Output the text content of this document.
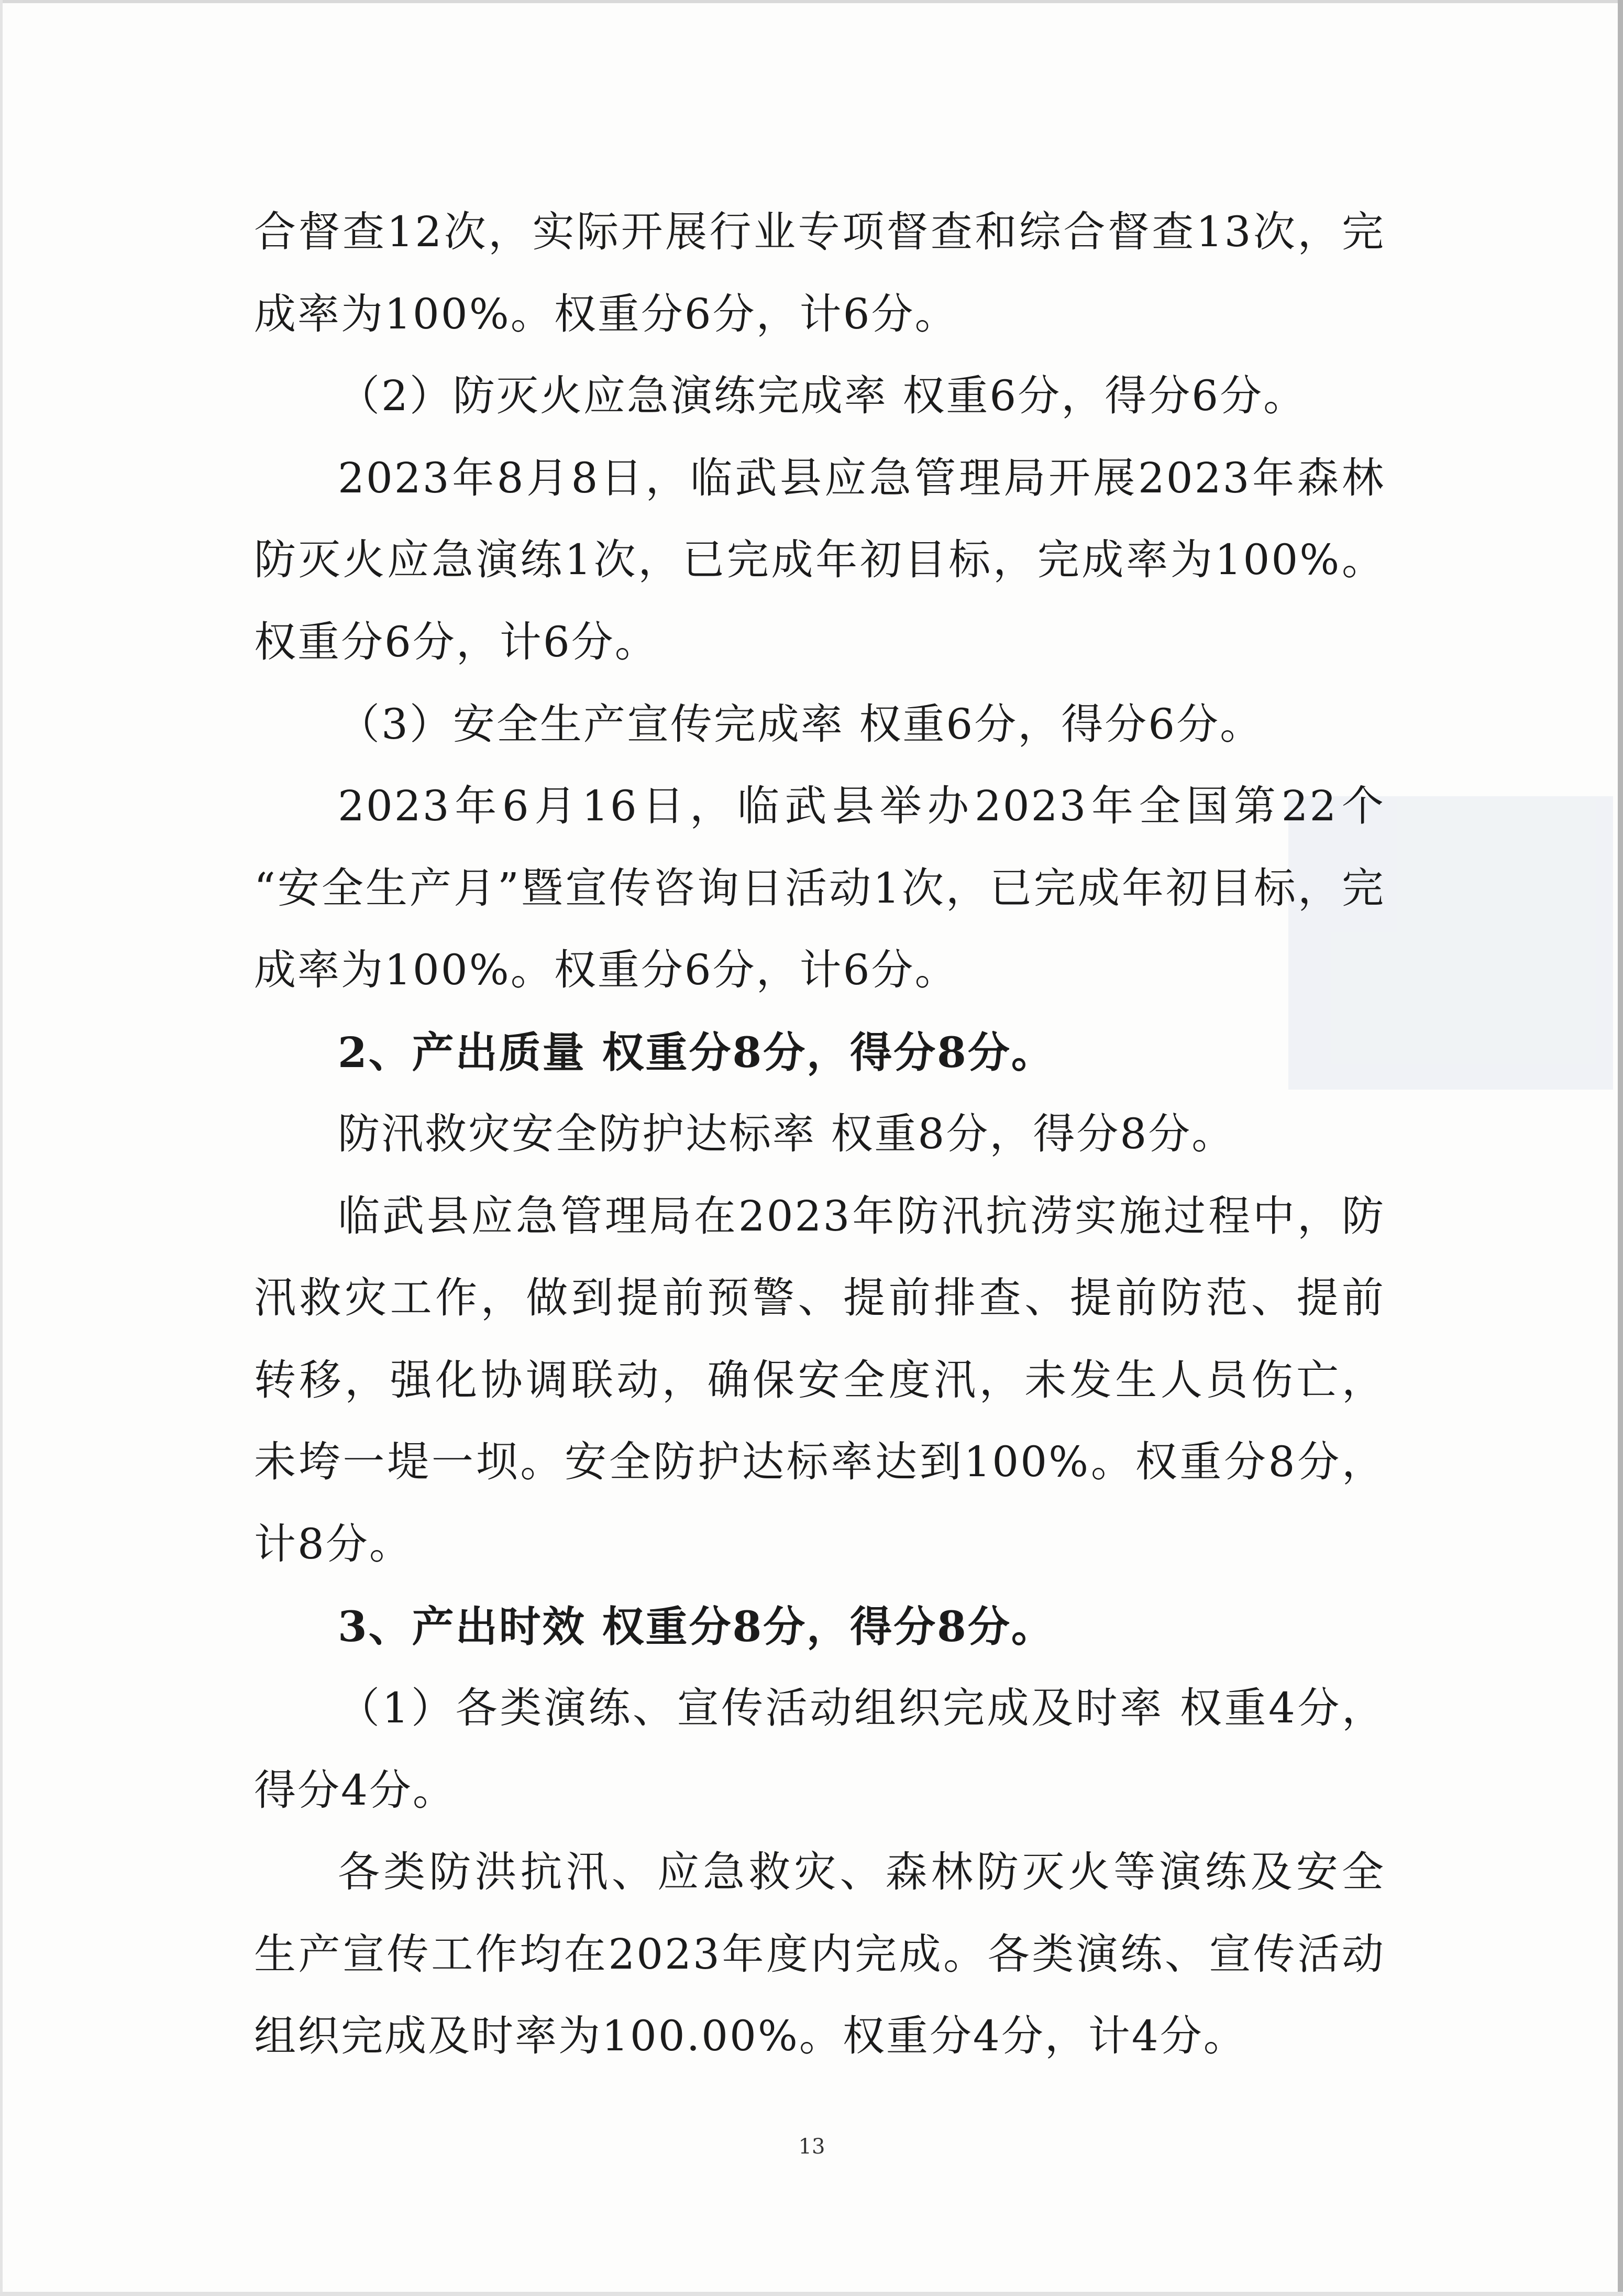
合督查12次，实际开展行业专项督查和综合督查13次，完
成率为100%。权重分6分，计6分。
（2）防灭火应急演练完成率 权重6分，得分6分。
2023年8月8日，临武县应急管理局开展2023年森林
防灭火应急演练1次，已完成年初目标，完成率为100%。
权重分6分，计6分。
（3）安全生产宣传完成率 权重6分，得分6分。
2023年6月16日，临武县举办2023年全国第22个
“安全生产月”暨宣传咨询日活动1次，已完成年初目标，完
成率为100%。权重分6分，计6分。
2、产出质量 权重分8分，得分8分。
防汛救灾安全防护达标率 权重8分，得分8分。
临武县应急管理局在2023年防汛抗涝实施过程中，防
汛救灾工作，做到提前预警、提前排查、提前防范、提前
转移，强化协调联动，确保安全度汛，未发生人员伤亡，
未垮一堤一坝。安全防护达标率达到100%。权重分8分，
计8分。
3、产出时效 权重分8分，得分8分。
（1）各类演练、宣传活动组织完成及时率 权重4分，
得分4分。
各类防洪抗汛、应急救灾、森林防灭火等演练及安全
生产宣传工作均在2023年度内完成。各类演练、宣传活动
组织完成及时率为100.00%。权重分4分，计4分。
13
